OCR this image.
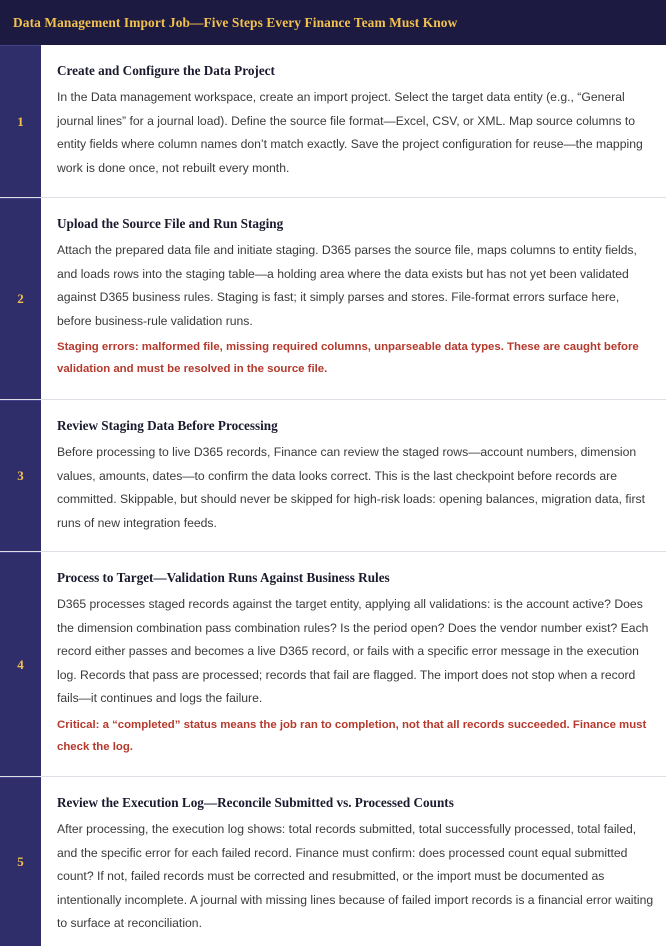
Data Management Import Job—Five Steps Every Finance Team Must Know
1
Create and Configure the Data Project

In the Data management workspace, create an import project. Select the target data entity (e.g., “General journal lines” for a journal load). Define the source file format—Excel, CSV, or XML. Map source columns to entity fields where column names don’t match exactly. Save the project configuration for reuse—the mapping work is done once, not rebuilt every month.

2
Upload the Source File and Run Staging

Attach the prepared data file and initiate staging. D365 parses the source file, maps columns to entity fields, and loads rows into the staging table—a holding area where the data exists but has not yet been validated against D365 business rules. Staging is fast; it simply parses and stores. File-format errors surface here, before business-rule validation runs.

Staging errors: malformed file, missing required columns, unparseable data types. These are caught before validation and must be resolved in the source file.

3
Review Staging Data Before Processing

Before processing to live D365 records, Finance can review the staged rows—account numbers, dimension values, amounts, dates—to confirm the data looks correct. This is the last checkpoint before records are committed. Skippable, but should never be skipped for high-risk loads: opening balances, migration data, first runs of new integration feeds.

4
Process to Target—Validation Runs Against Business Rules

D365 processes staged records against the target entity, applying all validations: is the account active? Does the dimension combination pass combination rules? Is the period open? Does the vendor number exist? Each record either passes and becomes a live D365 record, or fails with a specific error message in the execution log. Records that pass are processed; records that fail are flagged. The import does not stop when a record fails—it continues and logs the failure.

Critical: a “completed” status means the job ran to completion, not that all records succeeded. Finance must check the log.

5
Review the Execution Log—Reconcile Submitted vs. Processed Counts

After processing, the execution log shows: total records submitted, total successfully processed, total failed, and the specific error for each failed record. Finance must confirm: does processed count equal submitted count? If not, failed records must be corrected and resubmitted, or the import must be documented as intentionally incomplete. A journal with missing lines because of failed import records is a financial error waiting to surface at reconciliation.
